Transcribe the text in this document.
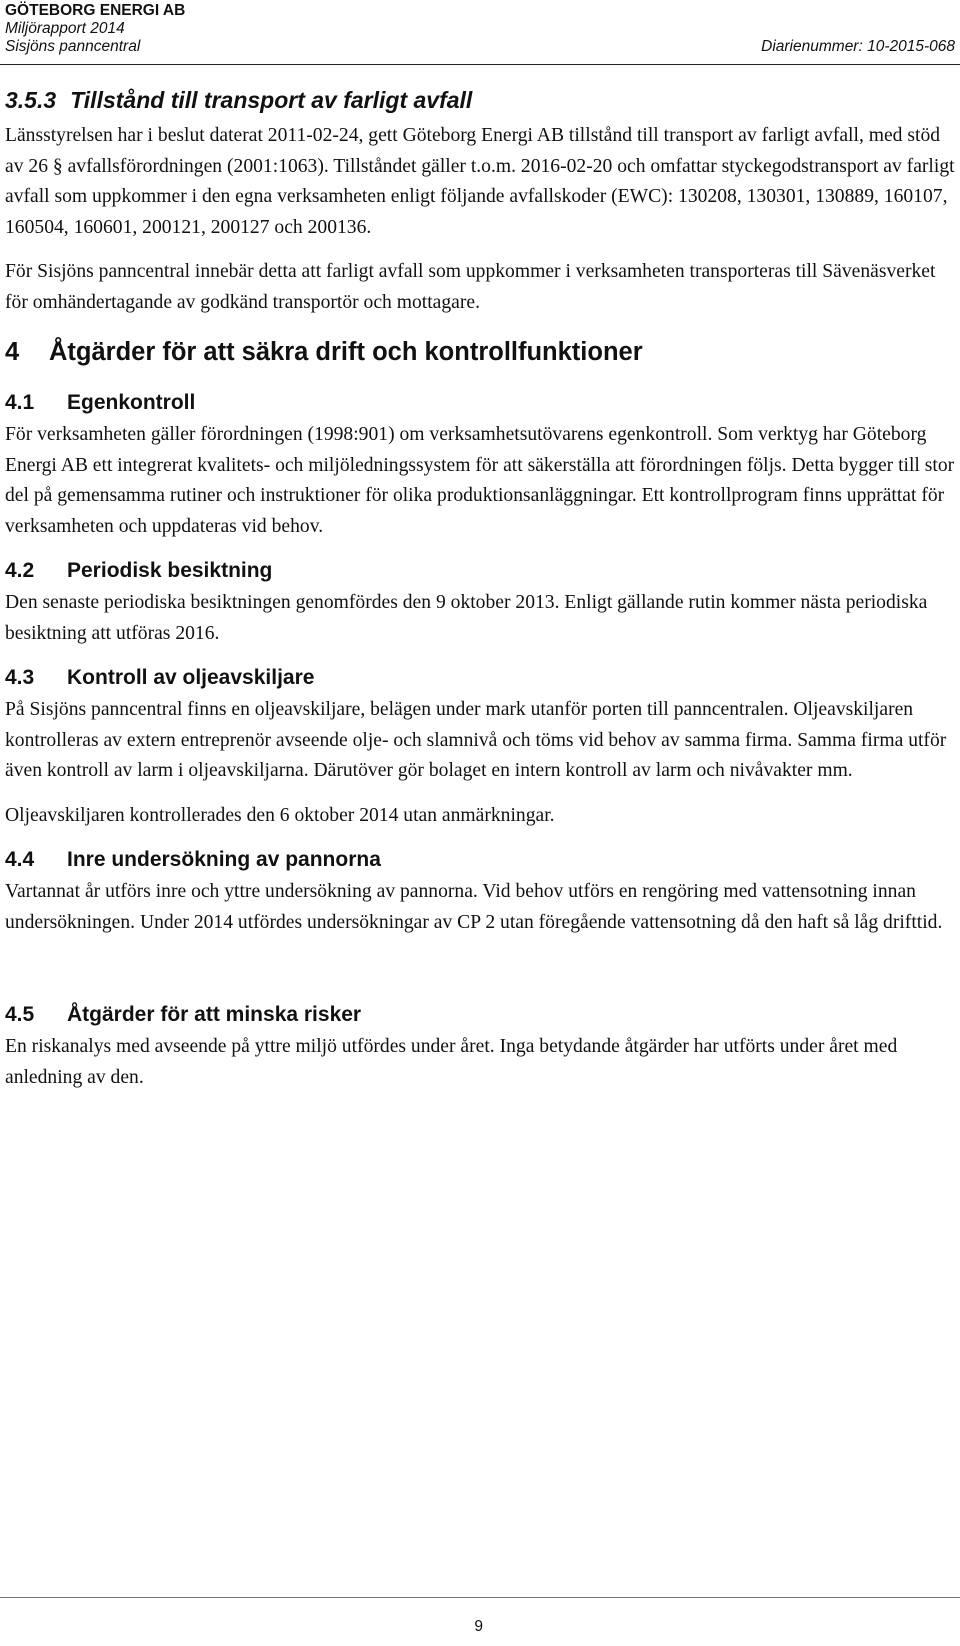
GÖTEBORG ENERGI AB
Miljörapport 2014
Sisjöns panncentral	Diarienummer: 10-2015-068
3.5.3 Tillstånd till transport av farligt avfall

Länsstyrelsen har i beslut daterat 2011-02-24, gett Göteborg Energi AB tillstånd till transport av farligt avfall, med stöd av 26 § avfallsförordningen (2001:1063). Tillståndet gäller t.o.m. 2016-02-20 och omfattar styckegodstransport av farligt avfall som uppkommer i den egna verksamheten enligt följande avfallskoder (EWC): 130208, 130301, 130889, 160107, 160504, 160601, 200121, 200127 och 200136.

För Sisjöns panncentral innebär detta att farligt avfall som uppkommer i verksamheten transporteras till Sävenäsverket för omhändertagande av godkänd transportör och mottagare.

4 Åtgärder för att säkra drift och kontrollfunktioner
4.1 Egenkontroll

För verksamheten gäller förordningen (1998:901) om verksamhetsutövarens egenkontroll. Som verktyg har Göteborg Energi AB ett integrerat kvalitets- och miljöledningssystem för att säkerställa att förordningen följs. Detta bygger till stor del på gemensamma rutiner och instruktioner för olika produktionsanläggningar. Ett kontrollprogram finns upprättat för verksamheten och uppdateras vid behov.

4.2 Periodisk besiktning

Den senaste periodiska besiktningen genomfördes den 9 oktober 2013. Enligt gällande rutin kommer nästa periodiska besiktning att utföras 2016.

4.3 Kontroll av oljeavskiljare

På Sisjöns panncentral finns en oljeavskiljare, belägen under mark utanför porten till panncentralen. Oljeavskiljaren kontrolleras av extern entreprenör avseende olje- och slamnivå och töms vid behov av samma firma. Samma firma utför även kontroll av larm i oljeavskiljarna. Därutöver gör bolaget en intern kontroll av larm och nivåvakter mm.

Oljeavskiljaren kontrollerades den 6 oktober 2014 utan anmärkningar.

4.4 Inre undersökning av pannorna

Vartannat år utförs inre och yttre undersökning av pannorna. Vid behov utförs en rengöring med vattensotning innan undersökningen. Under 2014 utfördes undersökningar av CP 2 utan föregående vattensotning då den haft så låg drifttid.

4.5 Åtgärder för att minska risker

En riskanalys med avseende på yttre miljö utfördes under året. Inga betydande åtgärder har utförts under året med anledning av den.

9
